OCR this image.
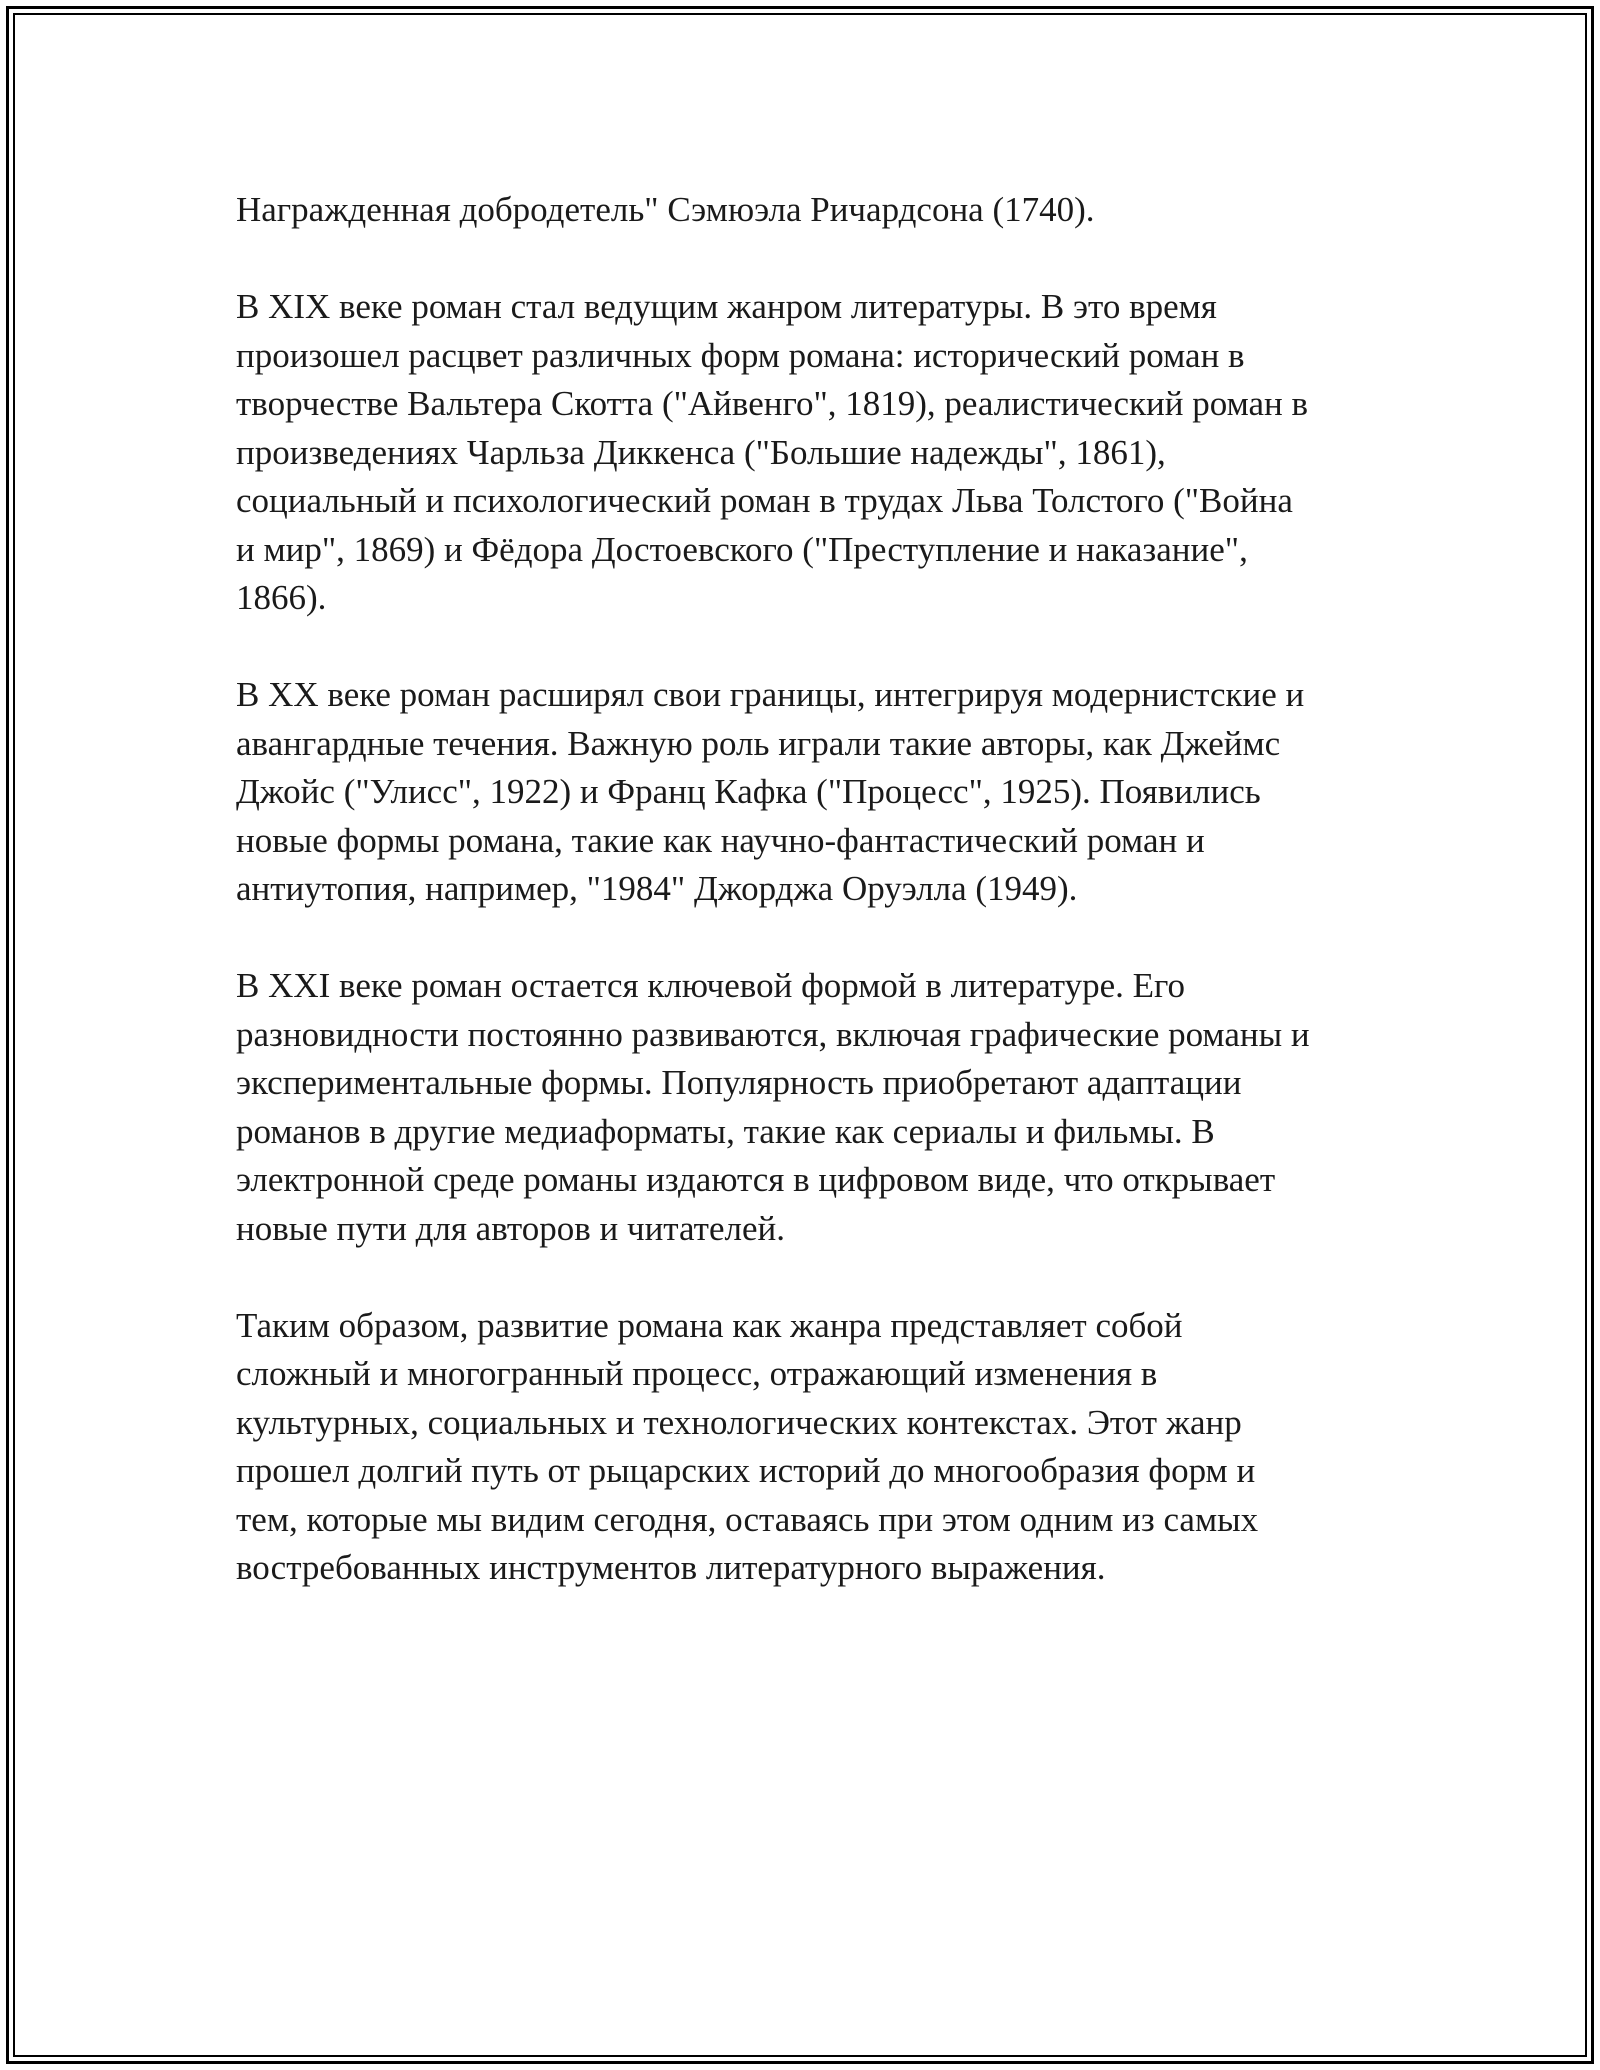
Награжденная добродетель" Сэмюэла Ричардсона (1740).

В XIX веке роман стал ведущим жанром литературы. В это время
произошел расцвет различных форм романа: исторический роман в
творчестве Вальтера Скотта ("Айвенго", 1819), реалистический роман в
произведениях Чарльза Диккенса ("Большие надежды", 1861),
социальный и психологический роман в трудах Льва Толстого ("Война
и мир", 1869) и Фёдора Достоевского ("Преступление и наказание",
1866).

В XX веке роман расширял свои границы, интегрируя модернистские и
авангардные течения. Важную роль играли такие авторы, как Джеймс
Джойс ("Улисс", 1922) и Франц Кафка ("Процесс", 1925). Появились
новые формы романа, такие как научно-фантастический роман и
антиутопия, например, "1984" Джорджа Оруэлла (1949).

В XXI веке роман остается ключевой формой в литературе. Его
разновидности постоянно развиваются, включая графические романы и
экспериментальные формы. Популярность приобретают адаптации
романов в другие медиаформаты, такие как сериалы и фильмы. В
электронной среде романы издаются в цифровом виде, что открывает
новые пути для авторов и читателей.

Таким образом, развитие романа как жанра представляет собой
сложный и многогранный процесс, отражающий изменения в
культурных, социальных и технологических контекстах. Этот жанр
прошел долгий путь от рыцарских историй до многообразия форм и
тем, которые мы видим сегодня, оставаясь при этом одним из самых
востребованных инструментов литературного выражения.
